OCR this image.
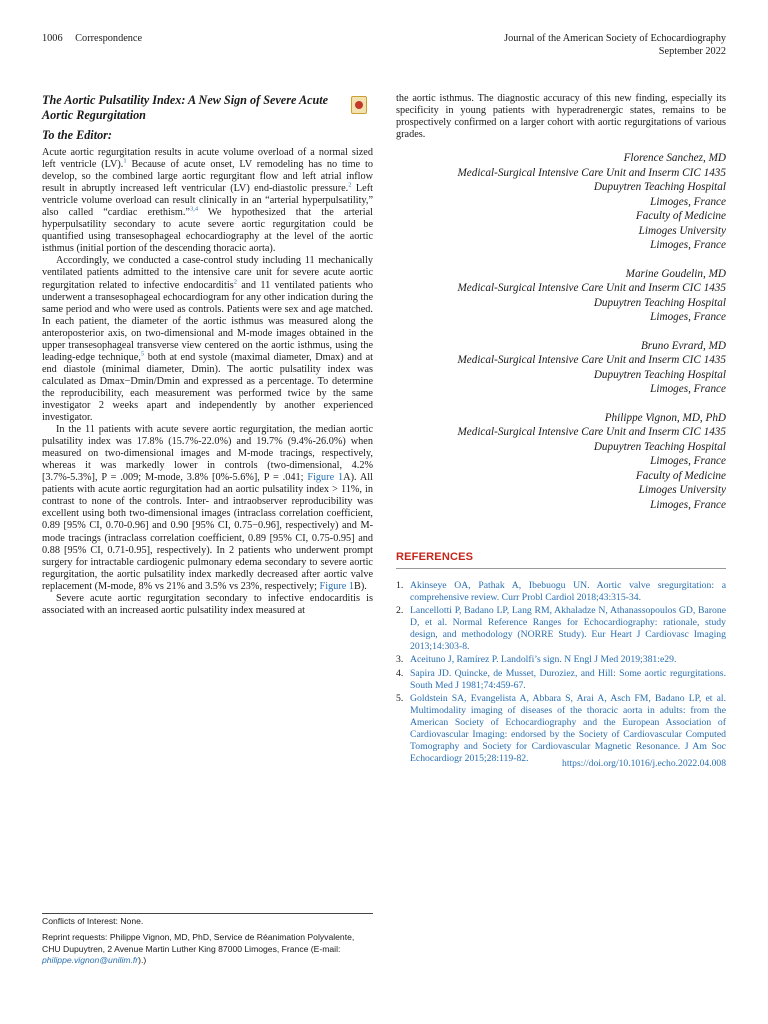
1006 Correspondence	Journal of the American Society of Echocardiography
September 2022
The Aortic Pulsatility Index: A New Sign of Severe Acute Aortic Regurgitation
To the Editor:

Acute aortic regurgitation results in acute volume overload of a normal sized left ventricle (LV).$^1$ Because of acute onset, LV remodeling has no time to develop, so the combined large aortic regurgitant flow and left atrial inflow result in abruptly increased left ventricular (LV) end-diastolic pressure.$^2$ Left ventricle volume overload can result clinically in an “arterial hyperpulsatility,” also called “cardiac erethism.”$^{3,4}$ We hypothesized that the arterial hyperpulsatility secondary to acute severe aortic regurgitation could be quantified using transesophageal echocardiography at the level of the aortic isthmus (initial portion of the descending thoracic aorta).

Accordingly, we conducted a case-control study including 11 mechanically ventilated patients admitted to the intensive care unit for severe acute aortic regurgitation related to infective endocarditis$^2$ and 11 ventilated patients who underwent a transesophageal echocardiogram for any other indication during the same period and who were used as controls. Patients were sex and age matched. In each patient, the diameter of the aortic isthmus was measured along the anteroposterior axis, on two-dimensional and M-mode images obtained in the upper transesophageal transverse view centered on the aortic isthmus, using the leading-edge technique,$^5$ both at end systole (maximal diameter, Dmax) and at end diastole (minimal diameter, Dmin). The aortic pulsatility index was calculated as Dmax−Dmin/Dmin and expressed as a percentage. To determine the reproducibility, each measurement was performed twice by the same investigator 2 weeks apart and independently by another experienced investigator.

In the 11 patients with acute severe aortic regurgitation, the median aortic pulsatility index was 17.8% (15.7%-22.0%) and 19.7% (9.4%-26.0%) when measured on two-dimensional images and M-mode tracings, respectively, whereas it was markedly lower in controls (two-dimensional, 4.2% [3.7%-5.3%], P = .009; M-mode, 3.8% [0%-5.6%], P = .041; Figure 1A). All patients with acute aortic regurgitation had an aortic pulsatility index > 11%, in contrast to none of the controls. Inter- and intraobserver reproducibility was excellent using both two-dimensional images (intraclass correlation coefficient, 0.89 [95% CI, 0.70-0.96] and 0.90 [95% CI, 0.75−0.96], respectively) and M-mode tracings (intraclass correlation coefficient, 0.89 [95% CI, 0.75-0.95] and 0.88 [95% CI, 0.71-0.95], respectively). In 2 patients who underwent prompt surgery for intractable cardiogenic pulmonary edema secondary to severe aortic regurgitation, the aortic pulsatility index markedly decreased after aortic valve replacement (M-mode, 8% vs 21% and 3.5% vs 23%, respectively; Figure 1B).

Severe acute aortic regurgitation secondary to infective endocarditis is associated with an increased aortic pulsatility index measured at

the aortic isthmus. The diagnostic accuracy of this new finding, especially its specificity in young patients with hyperadrenergic states, remains to be prospectively confirmed on a larger cohort with aortic regurgitations of various grades.

Florence Sanchez, MD
Medical-Surgical Intensive Care Unit and Inserm CIC 1435
Dupuytren Teaching Hospital
Limoges, France
Faculty of Medicine
Limoges University
Limoges, France
Marine Goudelin, MD
Medical-Surgical Intensive Care Unit and Inserm CIC 1435
Dupuytren Teaching Hospital
Limoges, France
Bruno Evrard, MD
Medical-Surgical Intensive Care Unit and Inserm CIC 1435
Dupuytren Teaching Hospital
Limoges, France
Philippe Vignon, MD, PhD
Medical-Surgical Intensive Care Unit and Inserm CIC 1435
Dupuytren Teaching Hospital
Limoges, France
Faculty of Medicine
Limoges University
Limoges, France
REFERENCES
1. Akinseye OA, Pathak A, Ibebuogu UN. Aortic valve sregurgitation: a comprehensive review. Curr Probl Cardiol 2018;43:315-34.
2. Lancellotti P, Badano LP, Lang RM, Akhaladze N, Athanassopoulos GD, Barone D, et al. Normal Reference Ranges for Echocardiography: rationale, study design, and methodology (NORRE Study). Eur Heart J Cardiovasc Imaging 2013;14:303-8.
3. Aceituno J, Ramírez P. Landolfi’s sign. N Engl J Med 2019;381:e29.
4. Sapira JD. Quincke, de Musset, Duroziez, and Hill: Some aortic regurgitations. South Med J 1981;74:459-67.
5. Goldstein SA, Evangelista A, Abbara S, Arai A, Asch FM, Badano LP, et al. Multimodality imaging of diseases of the thoracic aorta in adults: from the American Society of Echocardiography and the European Association of Cardiovascular Imaging: endorsed by the Society of Cardiovascular Computed Tomography and Society for Cardiovascular Magnetic Resonance. J Am Soc Echocardiogr 2015;28:119-82.	https://doi.org/10.1016/j.echo.2022.04.008
Conflicts of Interest: None.
Reprint requests: Philippe Vignon, MD, PhD, Service de Réanimation Polyvalente, CHU Dupuytren, 2 Avenue Martin Luther King 87000 Limoges, France (E-mail: philippe.vignon@unilim.fr).)
